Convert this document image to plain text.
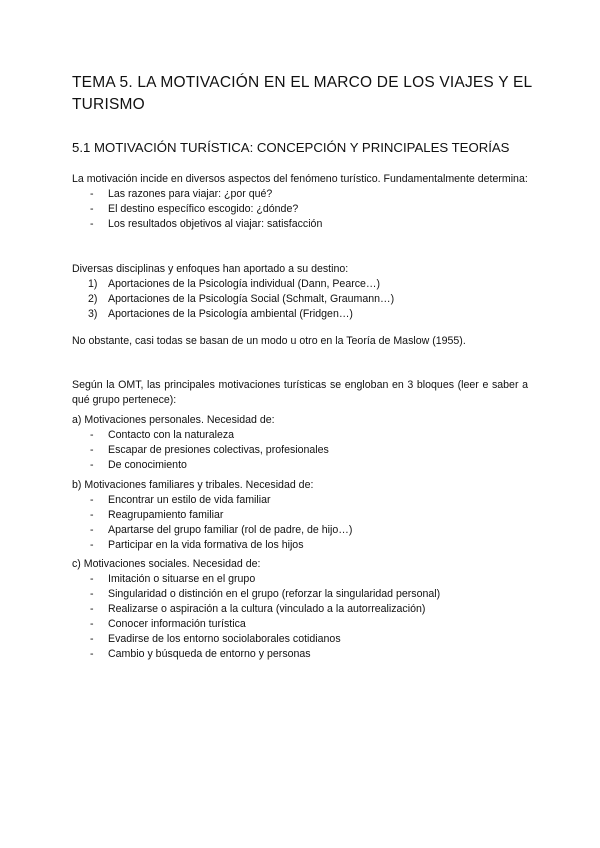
TEMA 5. LA MOTIVACIÓN EN EL MARCO DE LOS VIAJES Y EL TURISMO
5.1 MOTIVACIÓN TURÍSTICA: CONCEPCIÓN Y PRINCIPALES TEORÍAS

La motivación incide en diversos aspectos del fenómeno turístico. Fundamentalmente determina:

- Las razones para viajar: ¿por qué?
- El destino específico escogido: ¿dónde?
- Los resultados objetivos al viajar: satisfacción

Diversas disciplinas y enfoques han aportado a su destino:

1) Aportaciones de la Psicología individual (Dann, Pearce…)
2) Aportaciones de la Psicología Social (Schmalt, Graumann…)
3) Aportaciones de la Psicología ambiental (Fridgen…)

No obstante, casi todas se basan de un modo u otro en la Teoría de Maslow (1955).

Según la OMT, las principales motivaciones turísticas se engloban en 3 bloques (leer e saber a qué grupo pertenece):

a) Motivaciones personales. Necesidad de:

- Contacto con la naturaleza
- Escapar de presiones colectivas, profesionales
- De conocimiento

b) Motivaciones familiares y tribales. Necesidad de:

- Encontrar un estilo de vida familiar
- Reagrupamiento familiar
- Apartarse del grupo familiar (rol de padre, de hijo…)
- Participar en la vida formativa de los hijos

c) Motivaciones sociales. Necesidad de:

- Imitación o situarse en el grupo
- Singularidad o distinción en el grupo (reforzar la singularidad personal)
- Realizarse o aspiración a la cultura (vinculado a la autorrealización)
- Conocer información turística
- Evadirse de los entorno sociolaborales cotidianos
- Cambio y búsqueda de entorno y personas
